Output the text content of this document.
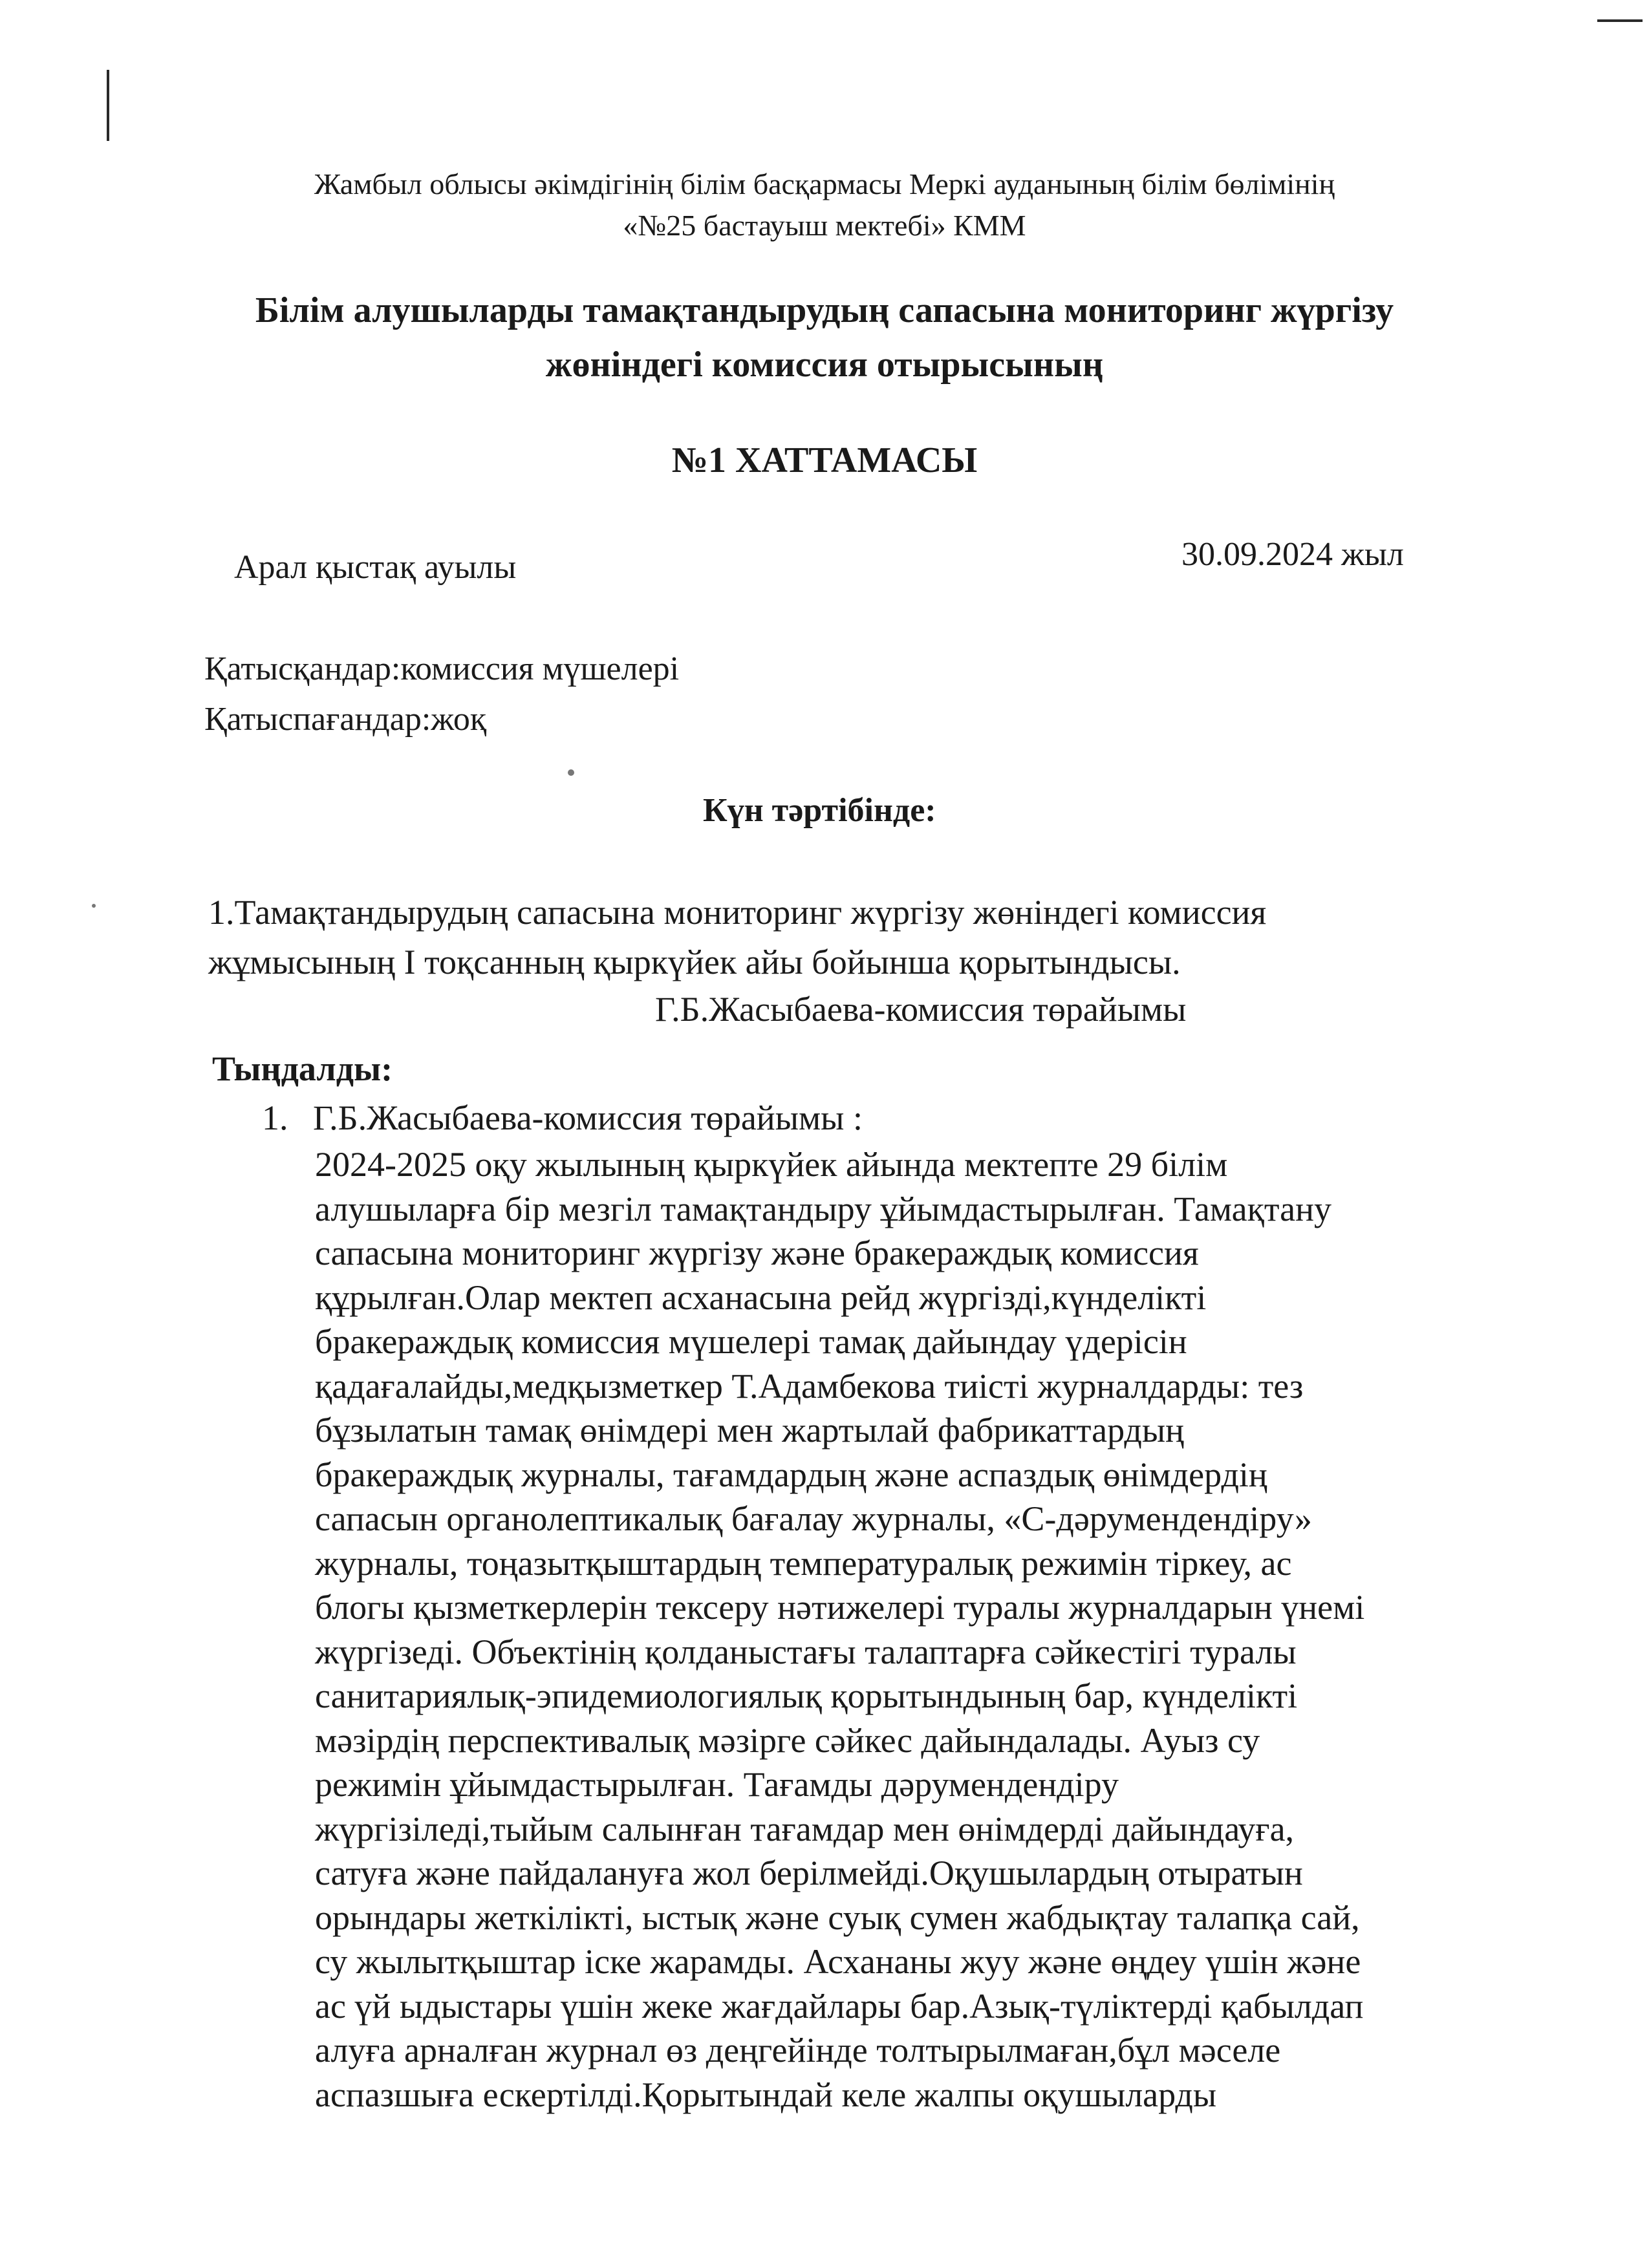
Жамбыл облысы әкімдігінің білім басқармасы Меркі ауданының білім бөлімінің
«№25 бастауыш мектебі» КММ
Білім алушыларды тамақтандырудың сапасына мониторинг жүргізу
жөніндегі комиссия отырысының
№1 ХАТТАМАСЫ
Арал қыстақ ауылы	30.09.2024 жыл
Қатысқандар:комиссия мүшелері
Қатыспағандар:жоқ
Күн тәртібінде:
1.Тамақтандырудың сапасына мониторинг жүргізу жөніндегі комиссия
жұмысының І тоқсанның қыркүйек айы бойынша қорытындысы.
Г.Б.Жасыбаева-комиссия төрайымы
Тыңдалды:
1. Г.Б.Жасыбаева-комиссия төрайымы :
2024-2025 оқу жылының қыркүйек айында мектепте 29 білім
алушыларға бір мезгіл тамақтандыру ұйымдастырылған. Тамақтану
сапасына мониторинг жүргізу және бракераждық комиссия
құрылған.Олар мектеп асханасына рейд жүргізді,күнделікті
бракераждық комиссия мүшелері тамақ дайындау үдерісін
қадағалайды,медқызметкер Т.Адамбекова тиісті журналдарды: тез
бұзылатын тамақ өнімдері мен жартылай фабрикаттардың
бракераждық журналы, тағамдардың және аспаздық өнімдердің
сапасын органолептикалық бағалау журналы, «С-дәрумендендіру»
журналы, тоңазытқыштардың температуралық режимін тіркеу, ас
блогы қызметкерлерін тексеру нәтижелері туралы журналдарын үнемі
жүргізеді. Объектінің қолданыстағы талаптарға сәйкестігі туралы
санитариялық-эпидемиологиялық қорытындының бар, күнделікті
мәзірдің перспективалық мәзірге сәйкес дайындалады. Ауыз су
режимін ұйымдастырылған. Тағамды дәрумендендіру
жүргізіледі,тыйым салынған тағамдар мен өнімдерді дайындауға,
сатуға және пайдалануға жол берілмейді.Оқушылардың отыратын
орындары жеткілікті, ыстық және суық сумен жабдықтау талапқа сай,
су жылытқыштар іске жарамды. Асхананы жуу және өңдеу үшін және
ас үй ыдыстары үшін жеке жағдайлары бар.Азық-түліктерді қабылдап
алуға арналған журнал өз деңгейінде толтырылмаған,бұл мәселе
аспазшыға ескертілді.Қорытындай келе жалпы оқушыларды
